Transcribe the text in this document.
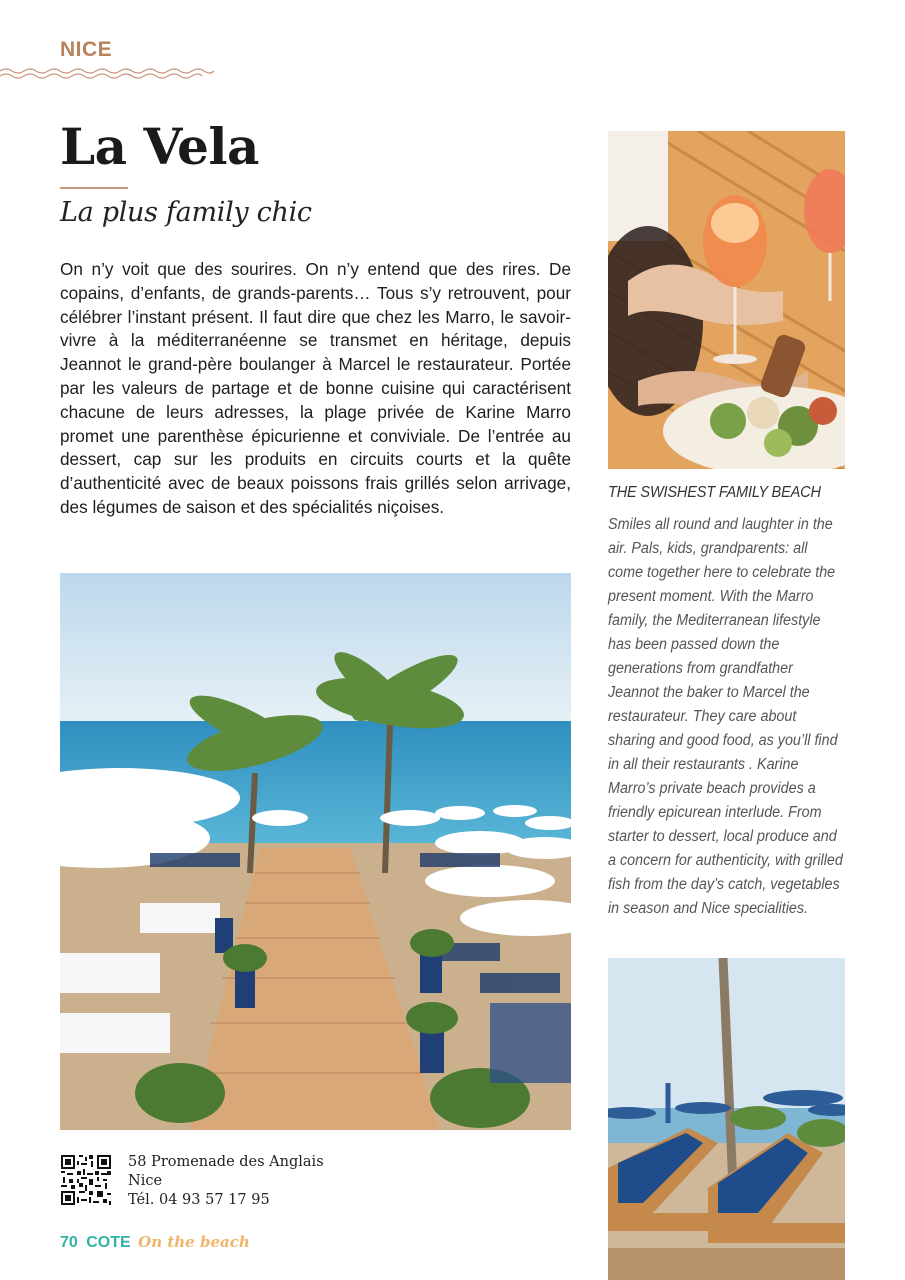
NICE
La Vela
La plus family chic

On n’y voit que des sourires. On n’y entend que des rires. De copains, d’enfants, de grands-parents… Tous s’y retrouvent, pour célébrer l’instant présent. Il faut dire que chez les Marro, le savoir-vivre à la méditerranéenne se transmet en héritage, depuis Jeannot le grand-père boulanger à Marcel le restaurateur. Portée par les valeurs de partage et de bonne cuisine qui caractérisent chacune de leurs adresses, la plage privée de Karine Marro promet une parenthèse épicurienne et conviviale. De l’entrée au dessert, cap sur les produits en circuits courts et la quête d’authenticité avec de beaux poissons frais grillés selon arrivage, des légumes de saison et des spécialités niçoises.

THE SWISHEST FAMILY BEACH

Smiles all round and laughter in the air. Pals, kids, grandparents: all come together here to celebrate the present moment. With the Marro family, the Mediterranean lifestyle has been passed down the generations from grandfather Jeannot the baker to Marcel the restaurateur. They care about sharing and good food, as you’ll find in all their restaurants . Karine Marro’s private beach provides a friendly epicurean interlude. From starter to dessert, local produce and a concern for authenticity, with grilled fish from the day’s catch, vegetables in season and Nice specialities.

58 Promenade des Anglais
Nice
Tél. 04 93 57 17 95
70 COTE On the beach
